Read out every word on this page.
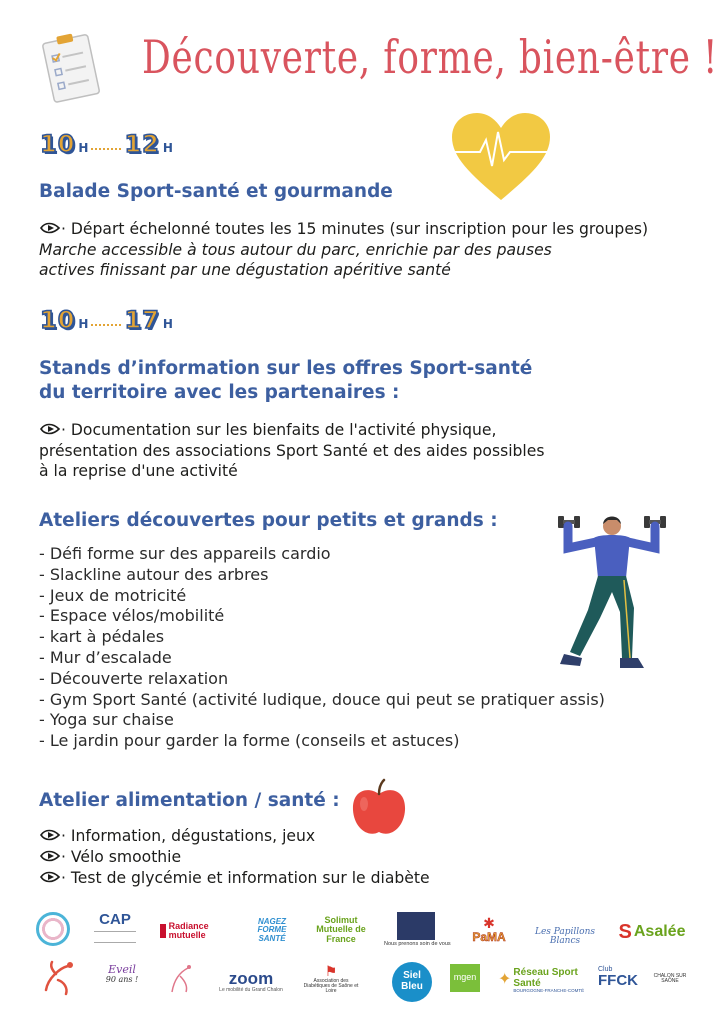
Découverte, forme, bien-être !
10 H 12 H
Balade Sport-santé et gourmande
· Départ échelonné toutes les 15 minutes (sur inscription pour les groupes)
Marche accessible à tous autour du parc, enrichie par des pauses
actives finissant par une dégustation apéritive santé
10 H 17 H
Stands d’information sur les offres Sport-santé
du territoire avec les partenaires :
· Documentation sur les bienfaits de l'activité physique,
présentation des associations Sport Santé et des aides possibles
à la reprise d'une activité
Ateliers découvertes pour petits et grands :
- Défi forme sur des appareils cardio
- Slackline autour des arbres
- Jeux de motricité
- Espace vélos/mobilité
- kart à pédales
- Mur d’escalade
- Découverte relaxation
- Gym Sport Santé (activité ludique, douce qui peut se pratiquer assis)
- Yoga sur chaise
- Le jardin pour garder la forme (conseils et astuces)
Atelier alimentation / santé :
· Information, dégustations, jeux
· Vélo smoothie
· Test de glycémie et information sur le diabète
CAP	Radiance mutuelle
NAGEZ FORME SANTÉ
Solimut Mutuelle de France
Nous prenons soin de vous
✱
PaMA	Les Papillons Blancs	S Asalée
Eveil
90 ans !	zoom
Le mobilité du Grand Chalon
⚑
Association des Diabétiques de Saône et Loire
Siel Bleu
mgen ✦ Réseau Sport Santé
BOURGOGNE-FRANCHE-COMTÉ
Club
FFCK	CHALON SUR SAÔNE
